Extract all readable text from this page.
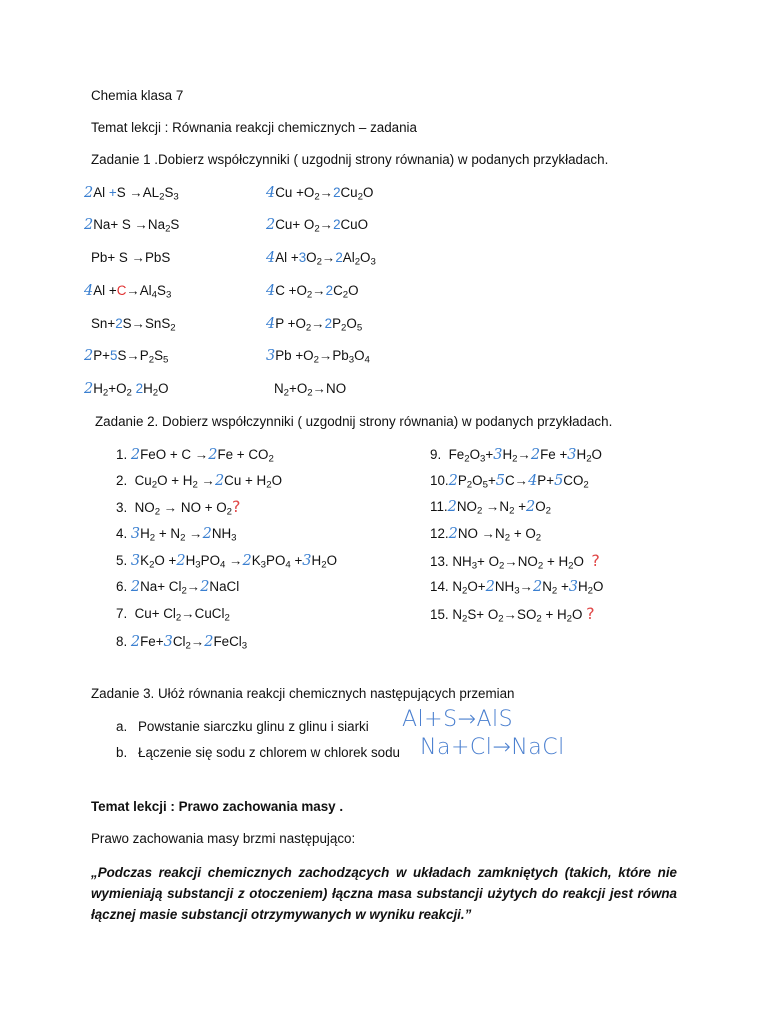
Chemia klasa 7
Temat lekcji : Równania reakcji chemicznych – zadania
Zadanie 1 .Dobierz współczynniki ( uzgodnij strony równania) w podanych przykładach.
$2Al +S \to AL_2S_3$
$2Na+ S \to Na_2S$
Pb+ S →PbS
$4Al +C\to Al_4S_3$
Sn+2S→SnS$_2$
$2P+5S\to P_2S_5$
$2H_2+O_2$ $2H_2O$
$4Cu +O_2\to 2Cu_2O$
$2Cu+ O_2\to 2CuO$
$4Al +3O_2\to 2Al_2O_3$
$4C +O_2\to 2C_2O$
$4P +O_2\to 2P_2O_5$
$3Pb +O_2\to Pb_3O_4$
$N_2+O_2\to NO$
Zadanie 2. Dobierz współczynniki ( uzgodnij strony równania) w podanych przykładach.
1. $2FeO + C \to 2Fe + CO_2$
2.  $Cu_2O + H_2 \to 2Cu + H_2O$
3.  $NO_2$ → NO + $O_2$?
4. $3H_2 + N_2 \to 2NH_3$
5. $3K_2O +2H_3PO_4 \to 2K_3PO_4 +3H_2O$
6. $2Na+ Cl_2\to 2NaCl$
7.  $Cu+ Cl_2\to CuCl_2$
8. $2Fe+3Cl_2\to 2FeCl_3$
9.  $Fe_2O_3+3H_2\to 2Fe +3H_2O$
$10.2P_2O_5+5C\to 4P+5CO_2$
$11.2NO_2 \to N_2 +2O_2$
$12.2NO \to N_2 + O_2$
13. $NH_3+ O_2\to NO_2 + H_2O$  ?
14. $N_2O+2NH_3\to 2N_2 +3H_2O$
15. $N_2S+ O_2\to SO_2 + H_2O$ ?
Zadanie 3. Ułóż równania reakcji chemicznych następujących przemian
a. Powstanie siarczku glinu z glinu i siarki Al+S→AlS
b. Łączenie się sodu z chlorem w chlorek sodu Na+Cl→NaCl
Temat lekcji : Prawo zachowania masy .
Prawo zachowania masy brzmi następująco:
„Podczas reakcji chemicznych zachodzących w układach zamkniętych (takich, które nie wymieniają substancji z otoczeniem) łączna masa substancji użytych do reakcji jest równa łącznej masie substancji otrzymywanych w wyniku reakcji.”
